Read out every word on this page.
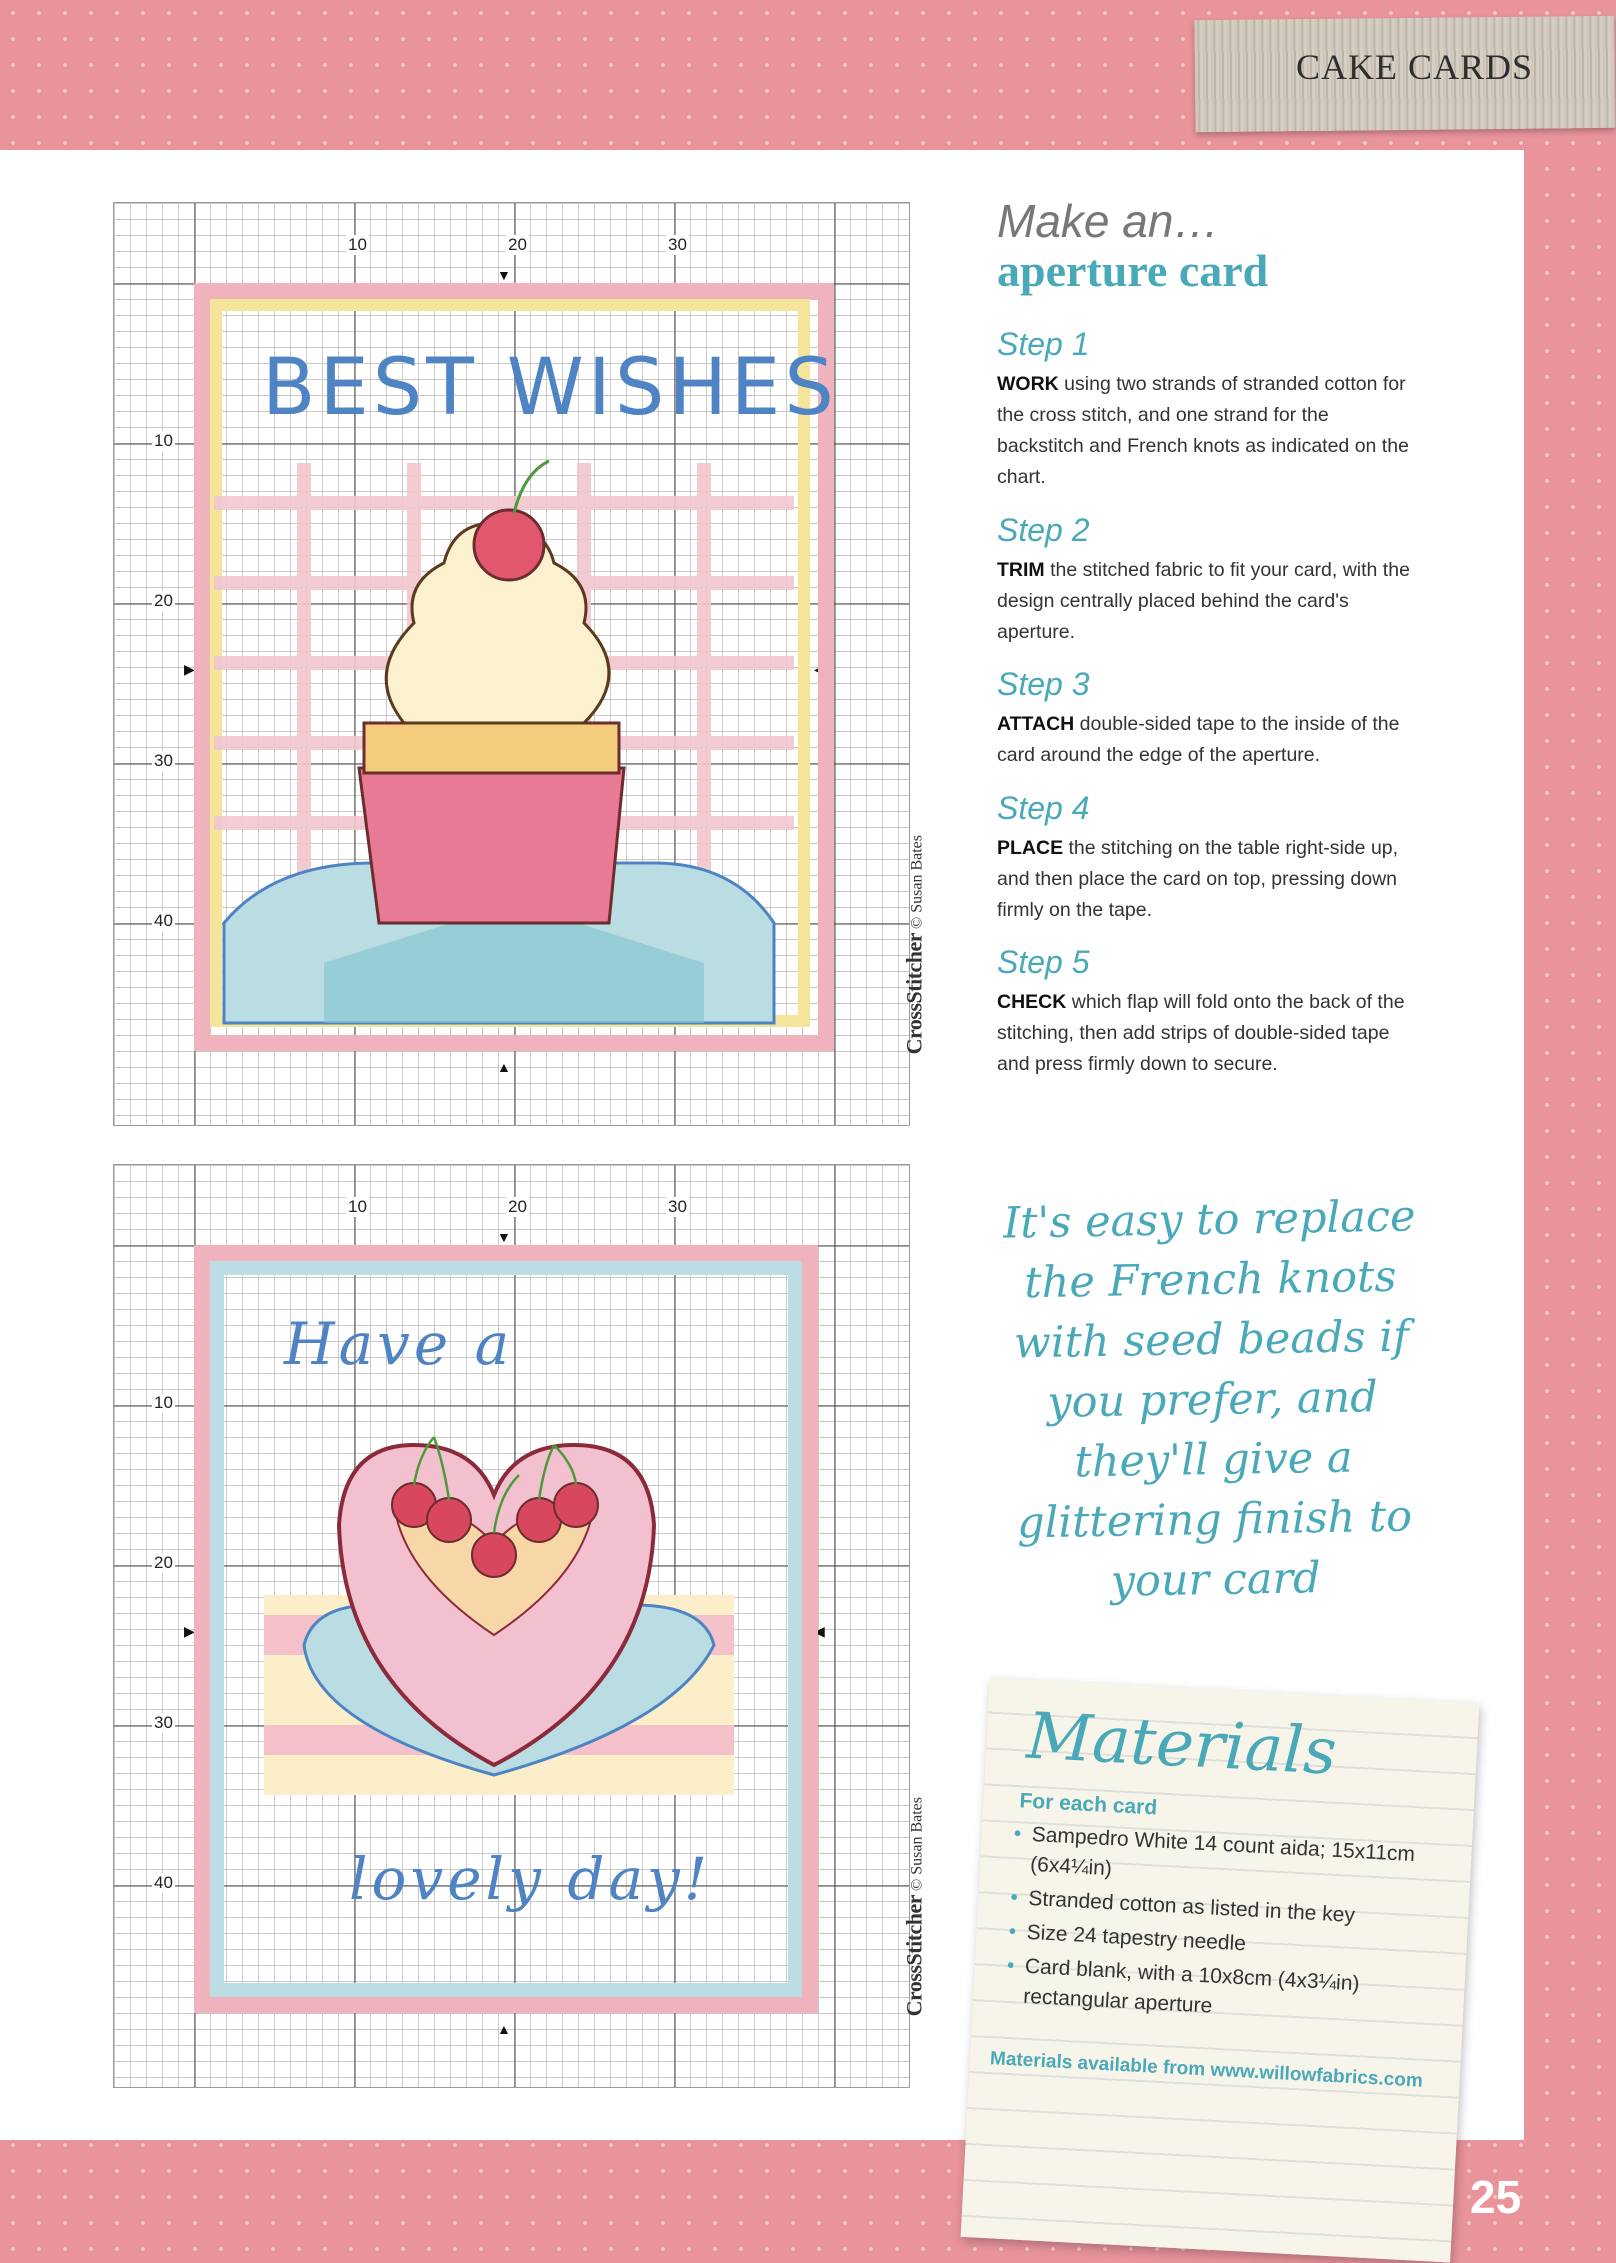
CAKE CARDS
10	20	30
10
20
30
40
▼
▲
▶	◀
BEST WISHES
CrossStitcher © Susan Bates
10	20	30
10
20
30
40
▼
▲
▶	◀
Have a
lovely day!
CrossStitcher © Susan Bates
Make an…
aperture card
Step 1

WORK using two strands of stranded cotton for the cross stitch, and one strand for the backstitch and French knots as indicated on the chart.

Step 2

TRIM the stitched fabric to fit your card, with the design centrally placed behind the card's aperture.

Step 3

ATTACH double-sided tape to the inside of the card around the edge of the aperture.

Step 4

PLACE the stitching on the table right-side up, and then place the card on top, pressing down firmly on the tape.

Step 5

CHECK which flap will fold onto the back of the stitching, then add strips of double-sided tape and press firmly down to secure.

It's easy to replace the French knots with seed beads if you prefer, and they'll give a glittering finish to your card
Materials
For each card
• Sampedro White 14 count aida; 15x11cm (6x4¼in)
• Stranded cotton as listed in the key
• Size 24 tapestry needle
• Card blank, with a 10x8cm (4x3¼in) rectangular aperture
Materials available from www.willowfabrics.com
25
